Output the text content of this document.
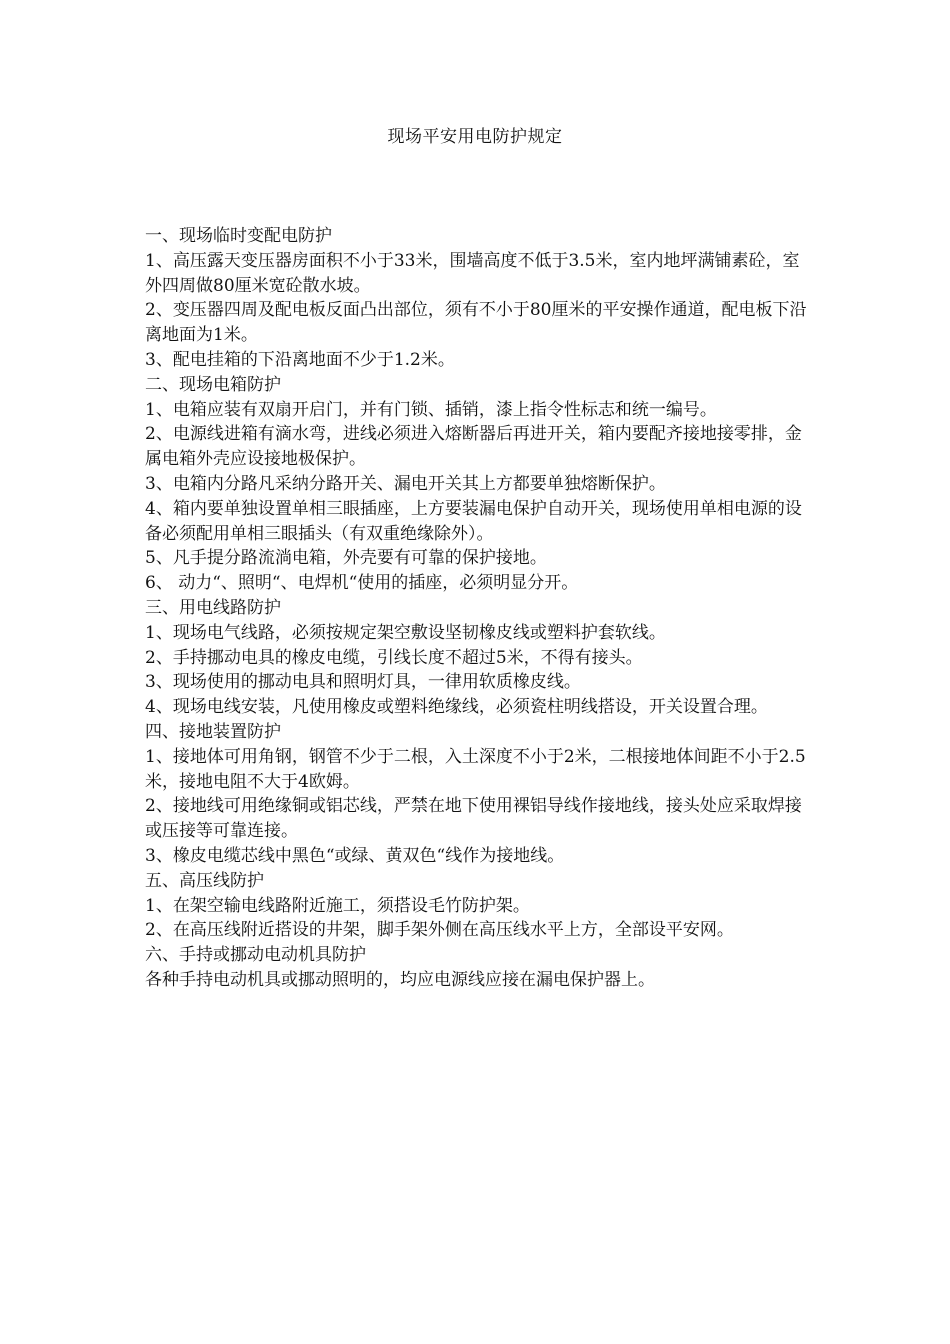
现场平安用电防护规定

一、现场临时变配电防护

1、高压露天变压器房面积不小于33米，围墙高度不低于3.5米，室内地坪满铺素砼，室外四周做80厘米宽砼散水坡。

2、变压器四周及配电板反面凸出部位，须有不小于80厘米的平安操作通道，配电板下沿离地面为1米。

3、配电挂箱的下沿离地面不少于1.2米。

二、现场电箱防护

1、电箱应装有双扇开启门，并有门锁、插销，漆上指令性标志和统一编号。

2、电源线进箱有滴水弯，进线必须进入熔断器后再进开关，箱内要配齐接地接零排，金属电箱外壳应设接地极保护。

3、电箱内分路凡采纳分路开关、漏电开关其上方都要单独熔断保护。

4、箱内要单独设置单相三眼插座，上方要装漏电保护自动开关，现场使用单相电源的设备必须配用单相三眼插头（有双重绝缘除外）。

5、凡手提分路流淌电箱，外壳要有可靠的保护接地。

6、 动力“、照明“、电焊机“使用的插座，必须明显分开。

三、用电线路防护

1、现场电气线路，必须按规定架空敷设坚韧橡皮线或塑料护套软线。

2、手持挪动电具的橡皮电缆，引线长度不超过5米，不得有接头。

3、现场使用的挪动电具和照明灯具，一律用软质橡皮线。

4、现场电线安装，凡使用橡皮或塑料绝缘线，必须瓷柱明线搭设，开关设置合理。

四、接地装置防护

1、接地体可用角钢，钢管不少于二根，入土深度不小于2米，二根接地体间距不小于2.5米，接地电阻不大于4欧姆。

2、接地线可用绝缘铜或铝芯线，严禁在地下使用裸铝导线作接地线，接头处应采取焊接或压接等可靠连接。

3、橡皮电缆芯线中黑色“或绿、黄双色“线作为接地线。

五、高压线防护

1、在架空输电线路附近施工，须搭设毛竹防护架。

2、在高压线附近搭设的井架，脚手架外侧在高压线水平上方，全部设平安网。

六、手持或挪动电动机具防护

各种手持电动机具或挪动照明的，均应电源线应接在漏电保护器上。
